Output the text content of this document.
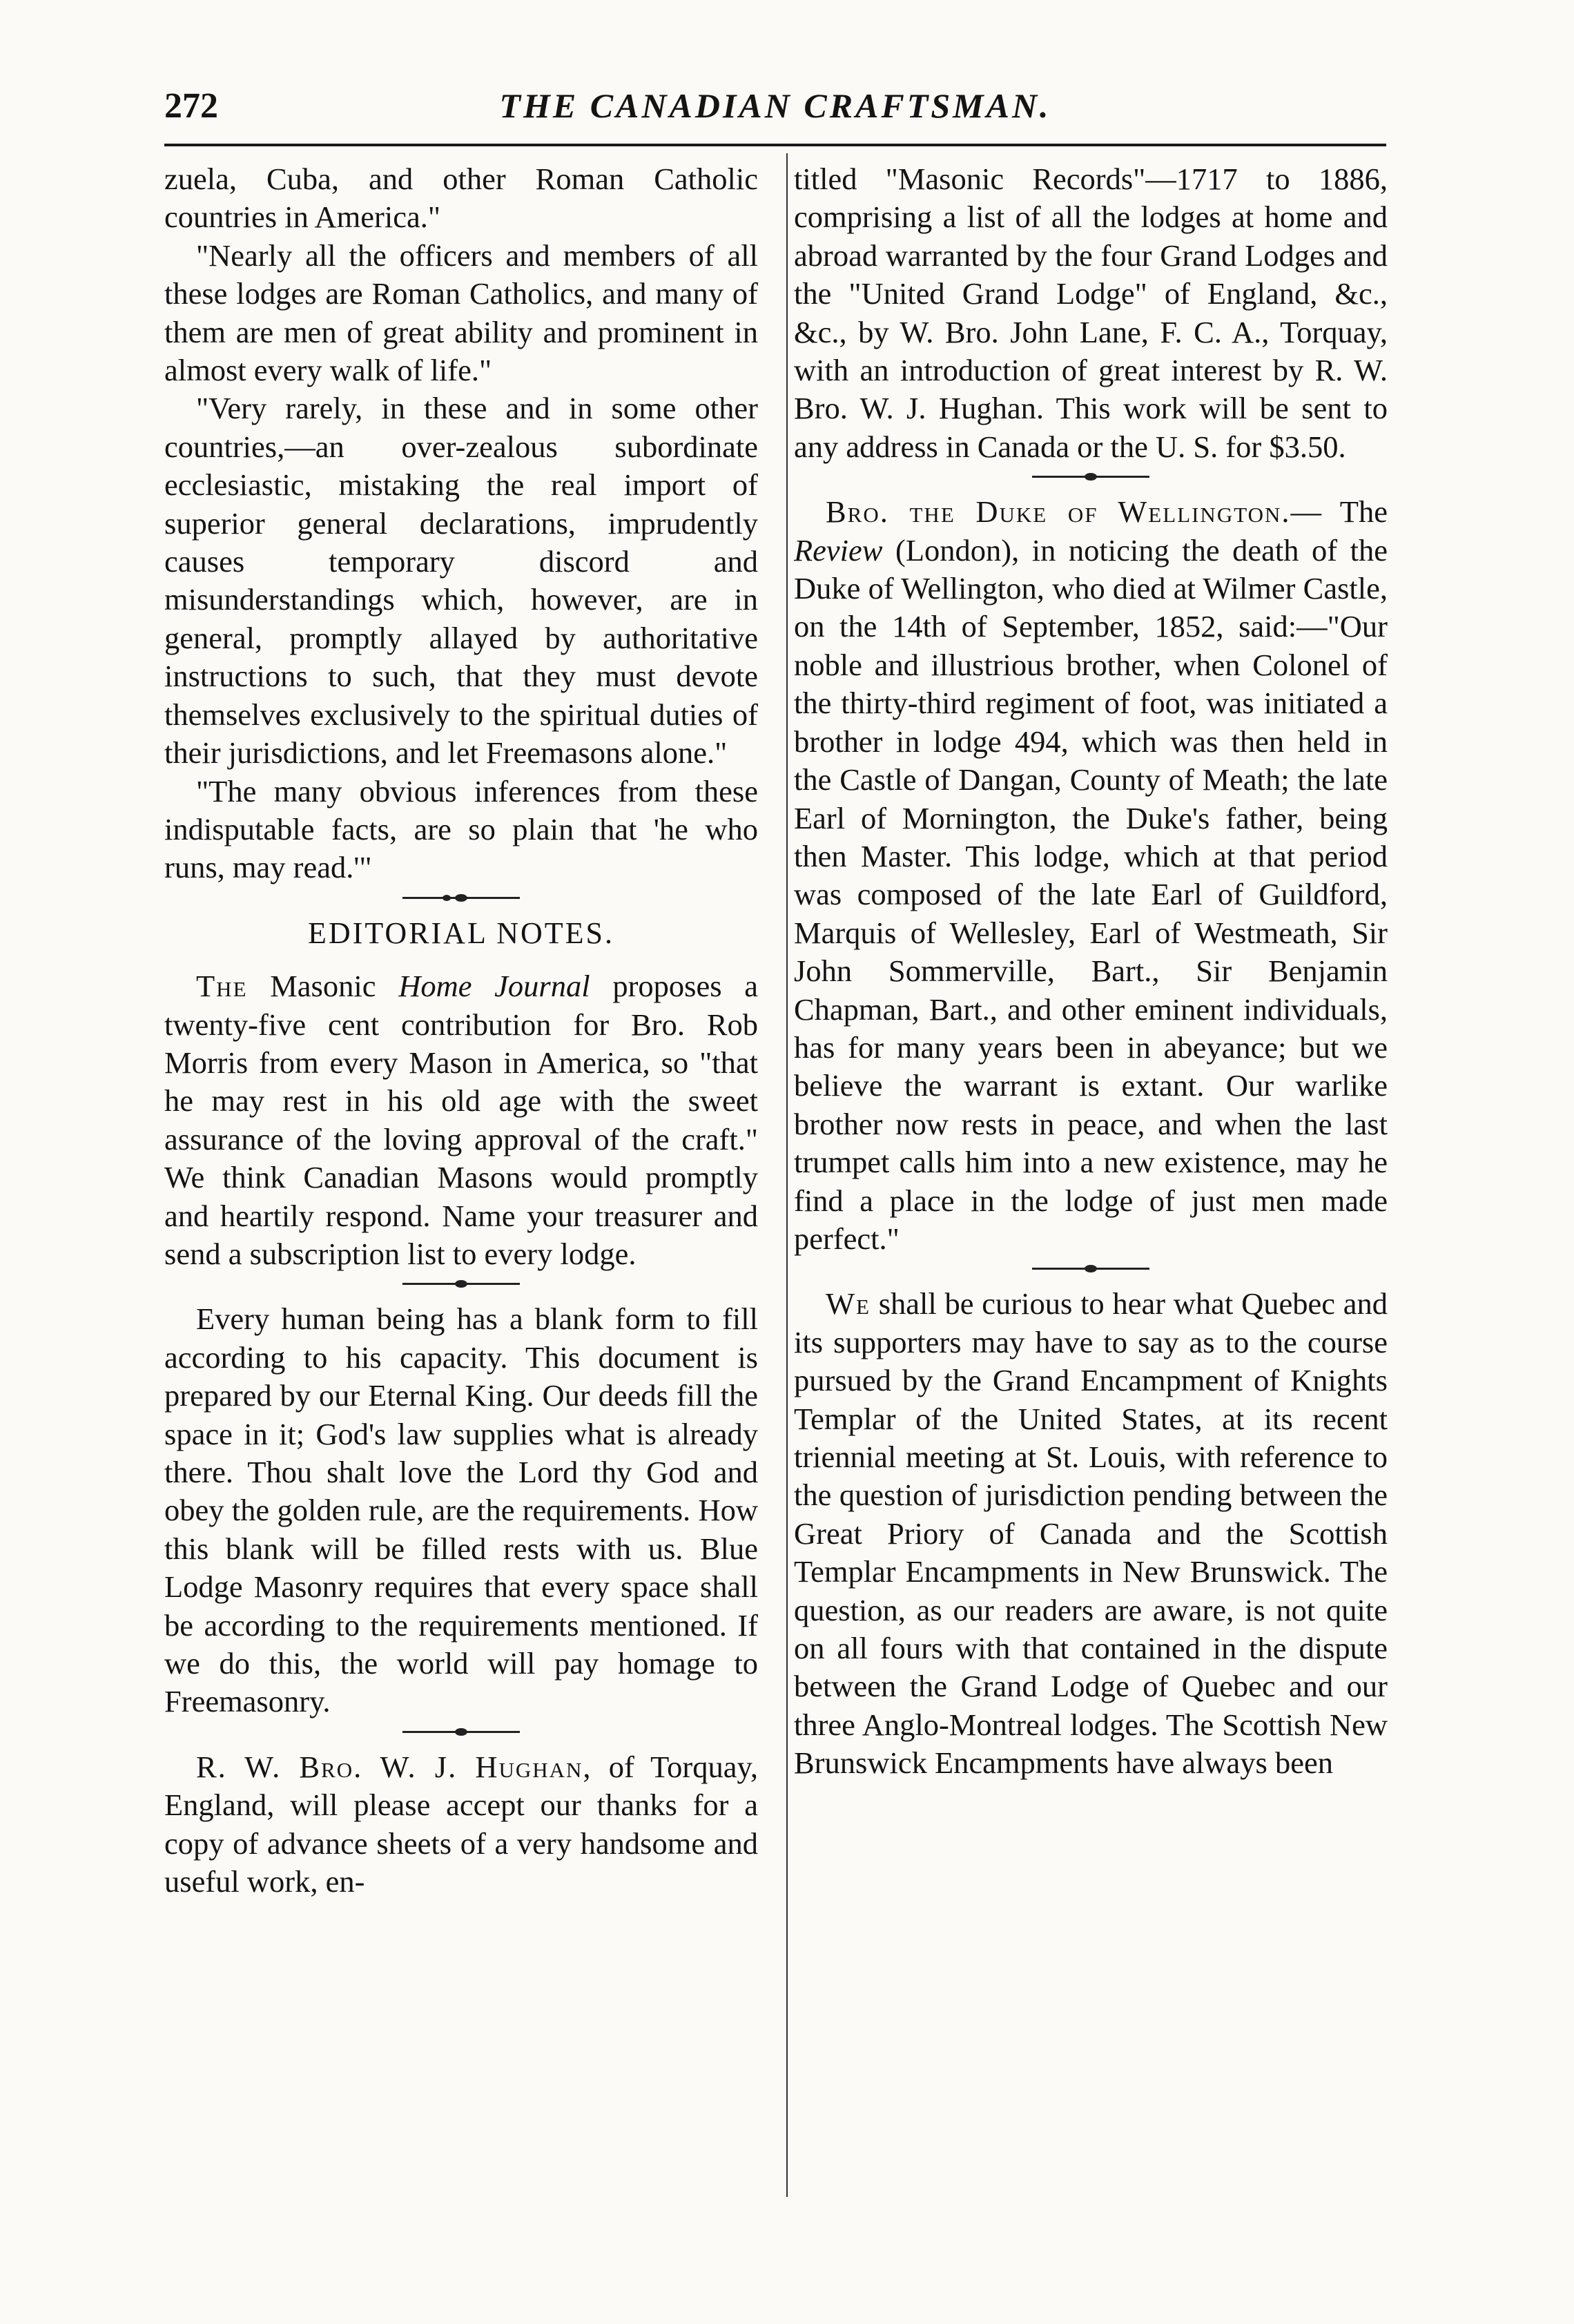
272	THE CANADIAN CRAFTSMAN.

zuela, Cuba, and other Roman Catholic countries in America."

"Nearly all the officers and members of all these lodges are Roman Catholics, and many of them are men of great ability and prominent in almost every walk of life."

"Very rarely, in these and in some other countries,—an over-zealous subordinate ecclesiastic, mistaking the real import of superior general declarations, imprudently causes temporary discord and misunderstandings which, however, are in general, promptly allayed by authoritative instructions to such, that they must devote themselves exclusively to the spiritual duties of their jurisdictions, and let Freemasons alone."

"The many obvious inferences from these indisputable facts, are so plain that 'he who runs, may read.'"

EDITORIAL NOTES.

The Masonic Home Journal proposes a twenty-five cent contribution for Bro. Rob Morris from every Mason in America, so "that he may rest in his old age with the sweet assurance of the loving approval of the craft." We think Canadian Masons would promptly and heartily respond. Name your treasurer and send a subscription list to every lodge.

Every human being has a blank form to fill according to his capacity. This document is prepared by our Eternal King. Our deeds fill the space in it; God's law supplies what is already there. Thou shalt love the Lord thy God and obey the golden rule, are the requirements. How this blank will be filled rests with us. Blue Lodge Masonry requires that every space shall be according to the requirements mentioned. If we do this, the world will pay homage to Freemasonry.

R. W. Bro. W. J. Hughan, of Torquay, England, will please accept our thanks for a copy of advance sheets of a very handsome and useful work, en-

titled "Masonic Records"—1717 to 1886, comprising a list of all the lodges at home and abroad warranted by the four Grand Lodges and the "United Grand Lodge" of England, &c., &c., by W. Bro. John Lane, F. C. A., Torquay, with an introduction of great interest by R. W. Bro. W. J. Hughan. This work will be sent to any address in Canada or the U. S. for $3.50.

Bro. the Duke of Wellington.— The Review (London), in noticing the death of the Duke of Wellington, who died at Wilmer Castle, on the 14th of September, 1852, said:—"Our noble and illustrious brother, when Colonel of the thirty-third regiment of foot, was initiated a brother in lodge 494, which was then held in the Castle of Dangan, County of Meath; the late Earl of Mornington, the Duke's father, being then Master. This lodge, which at that period was composed of the late Earl of Guildford, Marquis of Wellesley, Earl of Westmeath, Sir John Sommerville, Bart., Sir Benjamin Chapman, Bart., and other eminent individuals, has for many years been in abeyance; but we believe the warrant is extant. Our warlike brother now rests in peace, and when the last trumpet calls him into a new existence, may he find a place in the lodge of just men made perfect."

We shall be curious to hear what Quebec and its supporters may have to say as to the course pursued by the Grand Encampment of Knights Templar of the United States, at its recent triennial meeting at St. Louis, with reference to the question of jurisdiction pending between the Great Priory of Canada and the Scottish Templar Encampments in New Brunswick. The question, as our readers are aware, is not quite on all fours with that contained in the dispute between the Grand Lodge of Quebec and our three Anglo-Montreal lodges. The Scottish New Brunswick Encampments have always been
